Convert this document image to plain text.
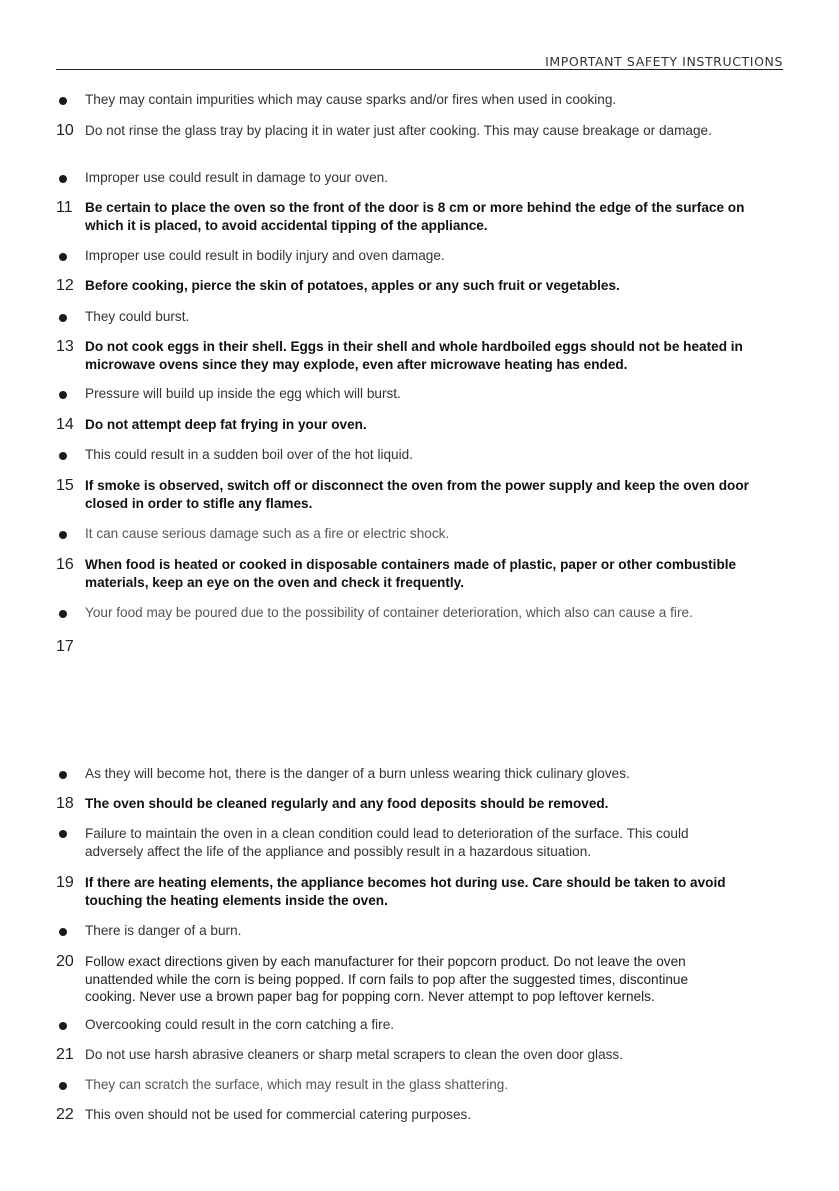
IMPORTANT SAFETY INSTRUCTIONS
They may contain impurities which may cause sparks and/or fires when used in cooking.
10 Do not rinse the glass tray by placing it in water just after cooking. This may cause breakage or damage.
Improper use could result in damage to your oven.
11 Be certain to place the oven so the front of the door is 8 cm or more behind the edge of the surface on which it is placed, to avoid accidental tipping of the appliance.
Improper use could result in bodily injury and oven damage.
12 Before cooking, pierce the skin of potatoes, apples or any such fruit or vegetables.
They could burst.
13 Do not cook eggs in their shell. Eggs in their shell and whole hardboiled eggs should not be heated in microwave ovens since they may explode, even after microwave heating has ended.
Pressure will build up inside the egg which will burst.
14 Do not attempt deep fat frying in your oven.
This could result in a sudden boil over of the hot liquid.
15 If smoke is observed, switch off or disconnect the oven from the power supply and keep the oven door closed in order to stifle any flames.
It can cause serious damage such as a fire or electric shock.
16 When food is heated or cooked in disposable containers made of plastic, paper or other combustible materials, keep an eye on the oven and check it frequently.
Your food may be poured due to the possibility of container deterioration, which also can cause a fire.
17
As they will become hot, there is the danger of a burn unless wearing thick culinary gloves.
18 The oven should be cleaned regularly and any food deposits should be removed.
Failure to maintain the oven in a clean condition could lead to deterioration of the surface. This could adversely affect the life of the appliance and possibly result in a hazardous situation.
19 If there are heating elements, the appliance becomes hot during use. Care should be taken to avoid touching the heating elements inside the oven.
There is danger of a burn.
20 Follow exact directions given by each manufacturer for their popcorn product. Do not leave the oven unattended while the corn is being popped. If corn fails to pop after the suggested times, discontinue cooking. Never use a brown paper bag for popping corn. Never attempt to pop leftover kernels.
Overcooking could result in the corn catching a fire.
21 Do not use harsh abrasive cleaners or sharp metal scrapers to clean the oven door glass.
They can scratch the surface, which may result in the glass shattering.
22 This oven should not be used for commercial catering purposes.
